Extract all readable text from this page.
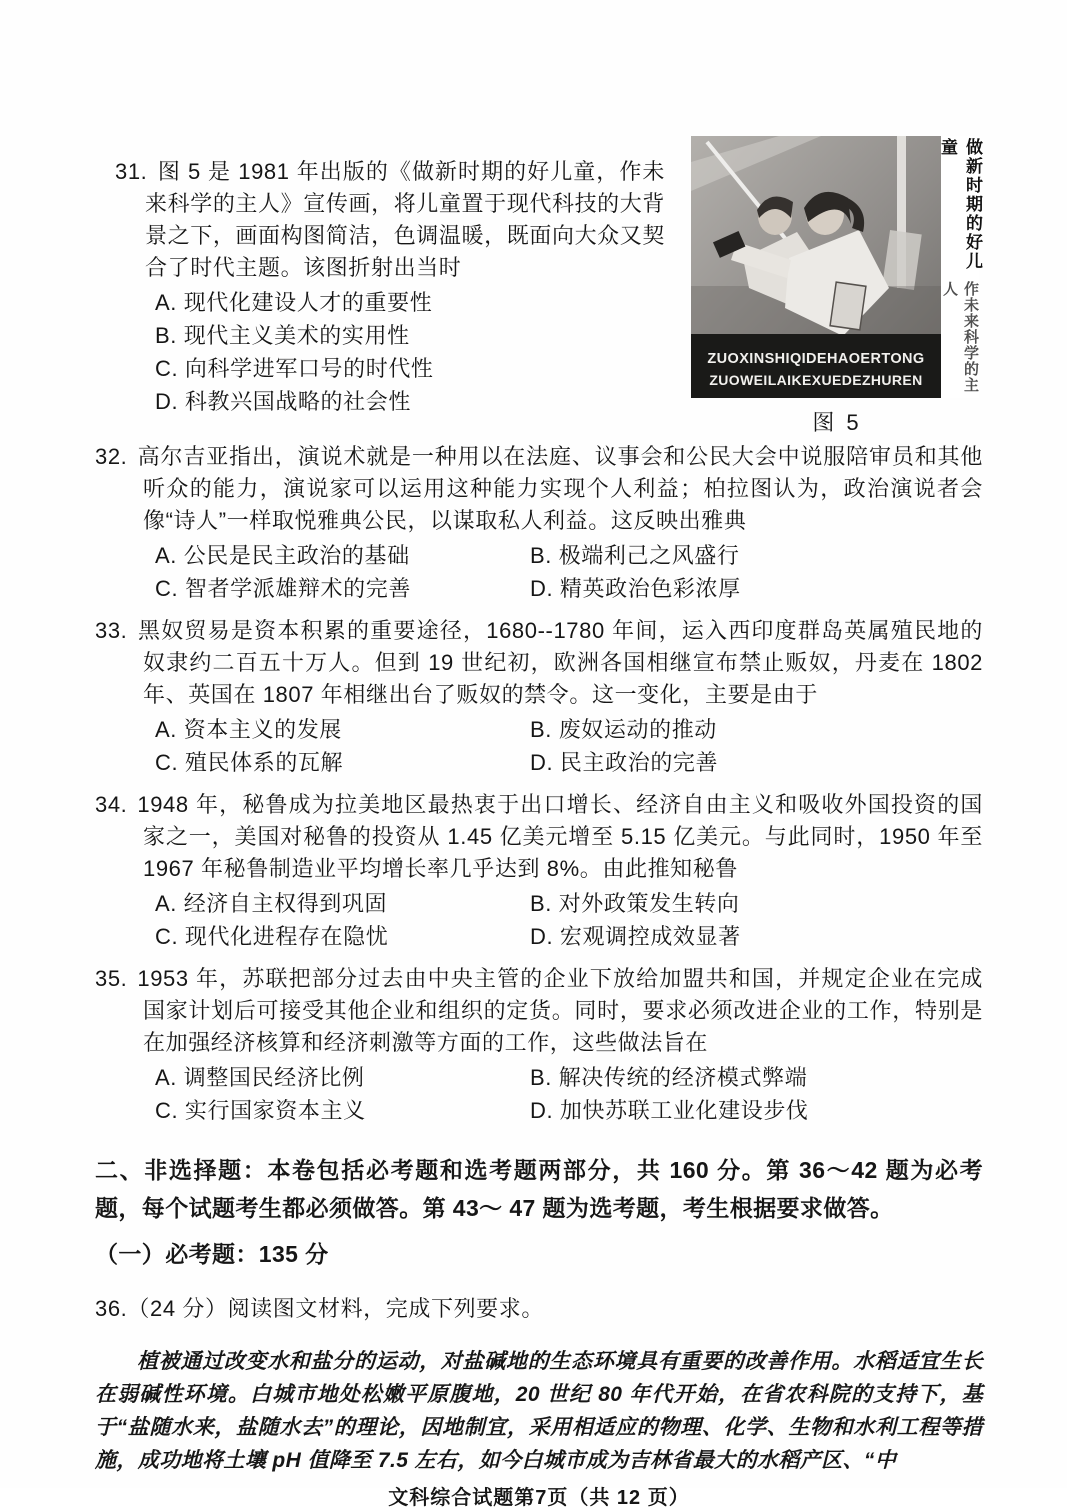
ZUOXINSHIQIDEHAOERTONG
ZUOWEILAIKEXUEDEZHUREN
做新时期的好儿童
作未来科学的主人
图 5

31. 图 5 是 1981 年出版的《做新时期的好儿童，作未来科学的主人》宣传画，将儿童置于现代科技的大背景之下，画面构图简洁，色调温暖，既面向大众又契合了时代主题。该图折射出当时

A. 现代化建设人才的重要性
B. 现代主义美术的实用性
C. 向科学进军口号的时代性
D. 科教兴国战略的社会性

32. 高尔吉亚指出，演说术就是一种用以在法庭、议事会和公民大会中说服陪审员和其他听众的能力，演说家可以运用这种能力实现个人利益；柏拉图认为，政治演说者会像“诗人”一样取悦雅典公民，以谋取私人利益。这反映出雅典

A. 公民是民主政治的基础	B. 极端利己之风盛行
C. 智者学派雄辩术的完善	D. 精英政治色彩浓厚

33. 黑奴贸易是资本积累的重要途径，1680--1780 年间，运入西印度群岛英属殖民地的奴隶约二百五十万人。但到 19 世纪初，欧洲各国相继宣布禁止贩奴，丹麦在 1802 年、英国在 1807 年相继出台了贩奴的禁令。这一变化，主要是由于

A. 资本主义的发展	B. 废奴运动的推动
C. 殖民体系的瓦解	D. 民主政治的完善

34. 1948 年，秘鲁成为拉美地区最热衷于出口增长、经济自由主义和吸收外国投资的国家之一，美国对秘鲁的投资从 1.45 亿美元增至 5.15 亿美元。与此同时，1950 年至 1967 年秘鲁制造业平均增长率几乎达到 8%。由此推知秘鲁

A. 经济自主权得到巩固	B. 对外政策发生转向
C. 现代化进程存在隐忧	D. 宏观调控成效显著

35. 1953 年，苏联把部分过去由中央主管的企业下放给加盟共和国，并规定企业在完成国家计划后可接受其他企业和组织的定货。同时，要求必须改进企业的工作，特别是在加强经济核算和经济刺激等方面的工作，这些做法旨在

A. 调整国民经济比例	B. 解决传统的经济模式弊端
C. 实行国家资本主义	D. 加快苏联工业化建设步伐

二、非选择题：本卷包括必考题和选考题两部分，共 160 分。第 36～42 题为必考题，每个试题考生都必须做答。第 43～ 47 题为选考题，考生根据要求做答。

（一）必考题：135 分

36.（24 分）阅读图文材料，完成下列要求。

植被通过改变水和盐分的运动，对盐碱地的生态环境具有重要的改善作用。水稻适宜生长在弱碱性环境。白城市地处松嫩平原腹地，20 世纪 80 年代开始，在省农科院的支持下，基于“盐随水来，盐随水去”的理论，因地制宜，采用相适应的物理、化学、生物和水利工程等措施，成功地将土壤 pH 值降至 7.5 左右，如今白城市成为吉林省最大的水稻产区、“中

文科综合试题第7页（共 12 页）
